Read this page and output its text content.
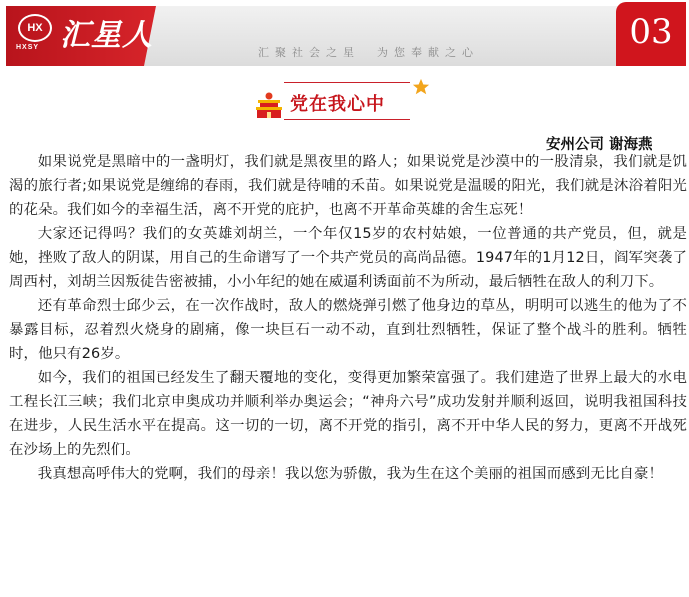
HX
HXSY 汇星人	汇聚社会之星　为您奉献之心
03
党在我心中
安州公司 谢海燕

如果说党是黑暗中的一盏明灯，我们就是黑夜里的路人；如果说党是沙漠中的一股清泉，我们就是饥渴的旅行者;如果说党是缠绵的春雨，我们就是待哺的禾苗。如果说党是温暖的阳光，我们就是沐浴着阳光的花朵。我们如今的幸福生活，离不开党的庇护，也离不开革命英雄的舍生忘死！

大家还记得吗？我们的女英雄刘胡兰，一个年仅15岁的农村姑娘，一位普通的共产党员，但，就是她，挫败了敌人的阴谋，用自己的生命谱写了一个共产党员的高尚品德。1947年的1月12日，阎军突袭了周西村，刘胡兰因叛徒告密被捕，小小年纪的她在威逼利诱面前不为所动，最后牺牲在敌人的利刀下。

还有革命烈士邱少云，在一次作战时，敌人的燃烧弹引燃了他身边的草丛，明明可以逃生的他为了不暴露目标，忍着烈火烧身的剧痛，像一块巨石一动不动，直到壮烈牺牲，保证了整个战斗的胜利。牺牲时，他只有26岁。

如今，我们的祖国已经发生了翻天覆地的变化，变得更加繁荣富强了。我们建造了世界上最大的水电工程长江三峡；我们北京申奥成功并顺利举办奥运会；“神舟六号”成功发射并顺利返回，说明我祖国科技在进步，人民生活水平在提高。这一切的一切，离不开党的指引，离不开中华人民的努力，更离不开战死在沙场上的先烈们。

我真想高呼伟大的党啊，我们的母亲！我以您为骄傲，我为生在这个美丽的祖国而感到无比自豪！
